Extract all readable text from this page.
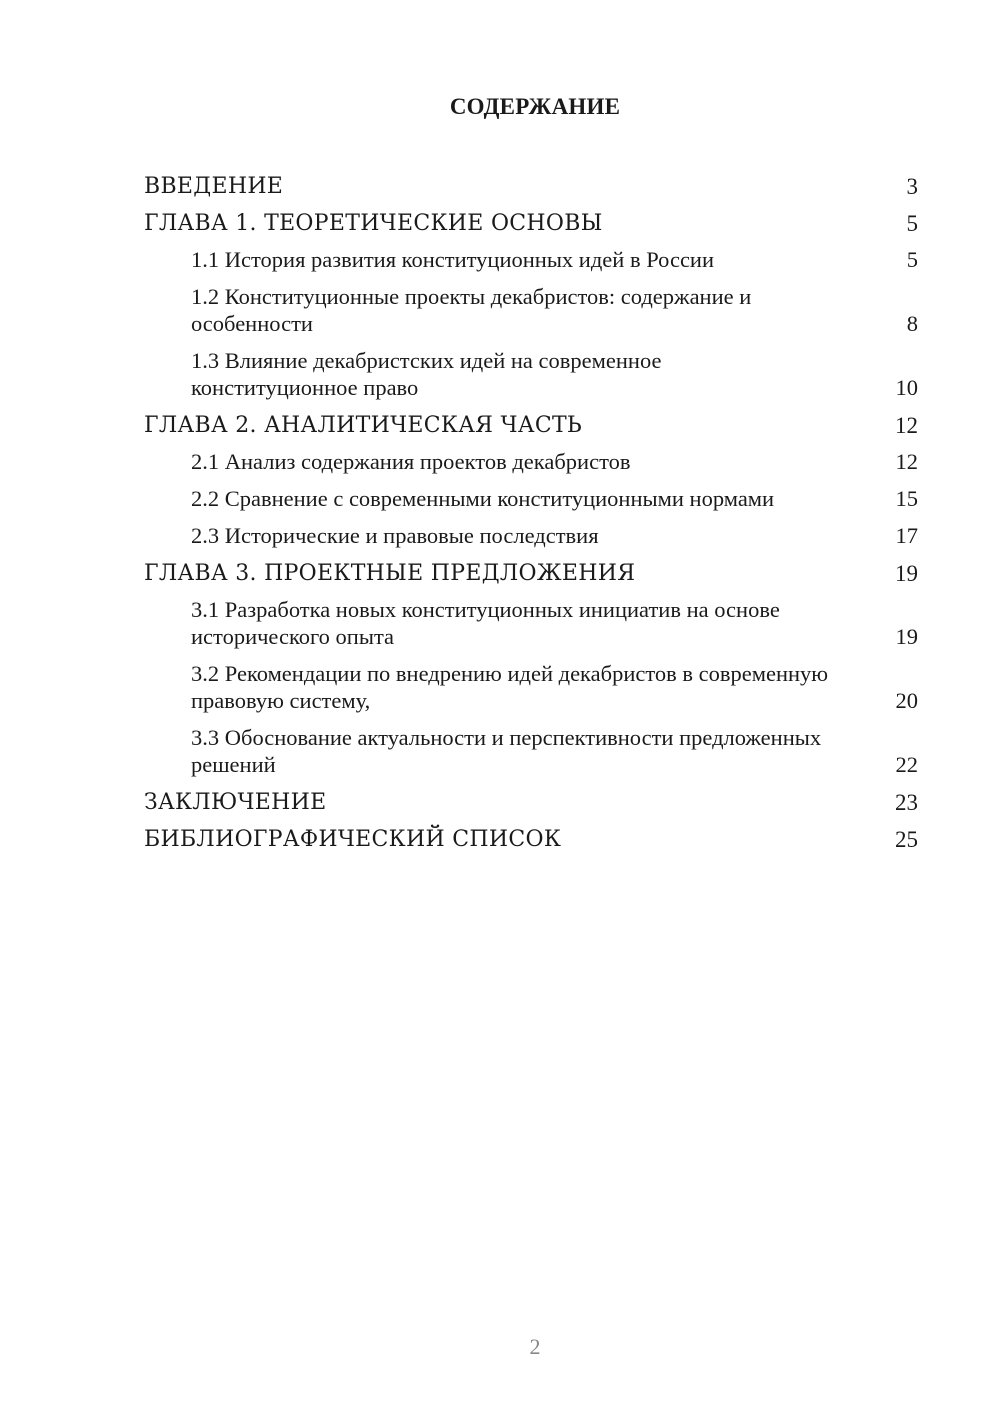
СОДЕРЖАНИЕ
ВВЕДЕНИЕ	3
ГЛАВА 1. ТЕОРЕТИЧЕСКИЕ ОСНОВЫ	5
1.1 История развития конституционных идей в России	5
1.2 Конституционные проекты декабристов: содержание и особенности	8
1.3 Влияние декабристских идей на современное конституционное право	10
ГЛАВА 2. АНАЛИТИЧЕСКАЯ ЧАСТЬ	12
2.1 Анализ содержания проектов декабристов	12
2.2 Сравнение с современными конституционными нормами	15
2.3 Исторические и правовые последствия	17
ГЛАВА 3. ПРОЕКТНЫЕ ПРЕДЛОЖЕНИЯ	19
3.1 Разработка новых конституционных инициатив на основе исторического опыта	19
3.2 Рекомендации по внедрению идей декабристов в современную правовую систему,	20
3.3 Обоснование актуальности и перспективности предложенных решений	22
ЗАКЛЮЧЕНИЕ	23
БИБЛИОГРАФИЧЕСКИЙ СПИСОК	25
2
